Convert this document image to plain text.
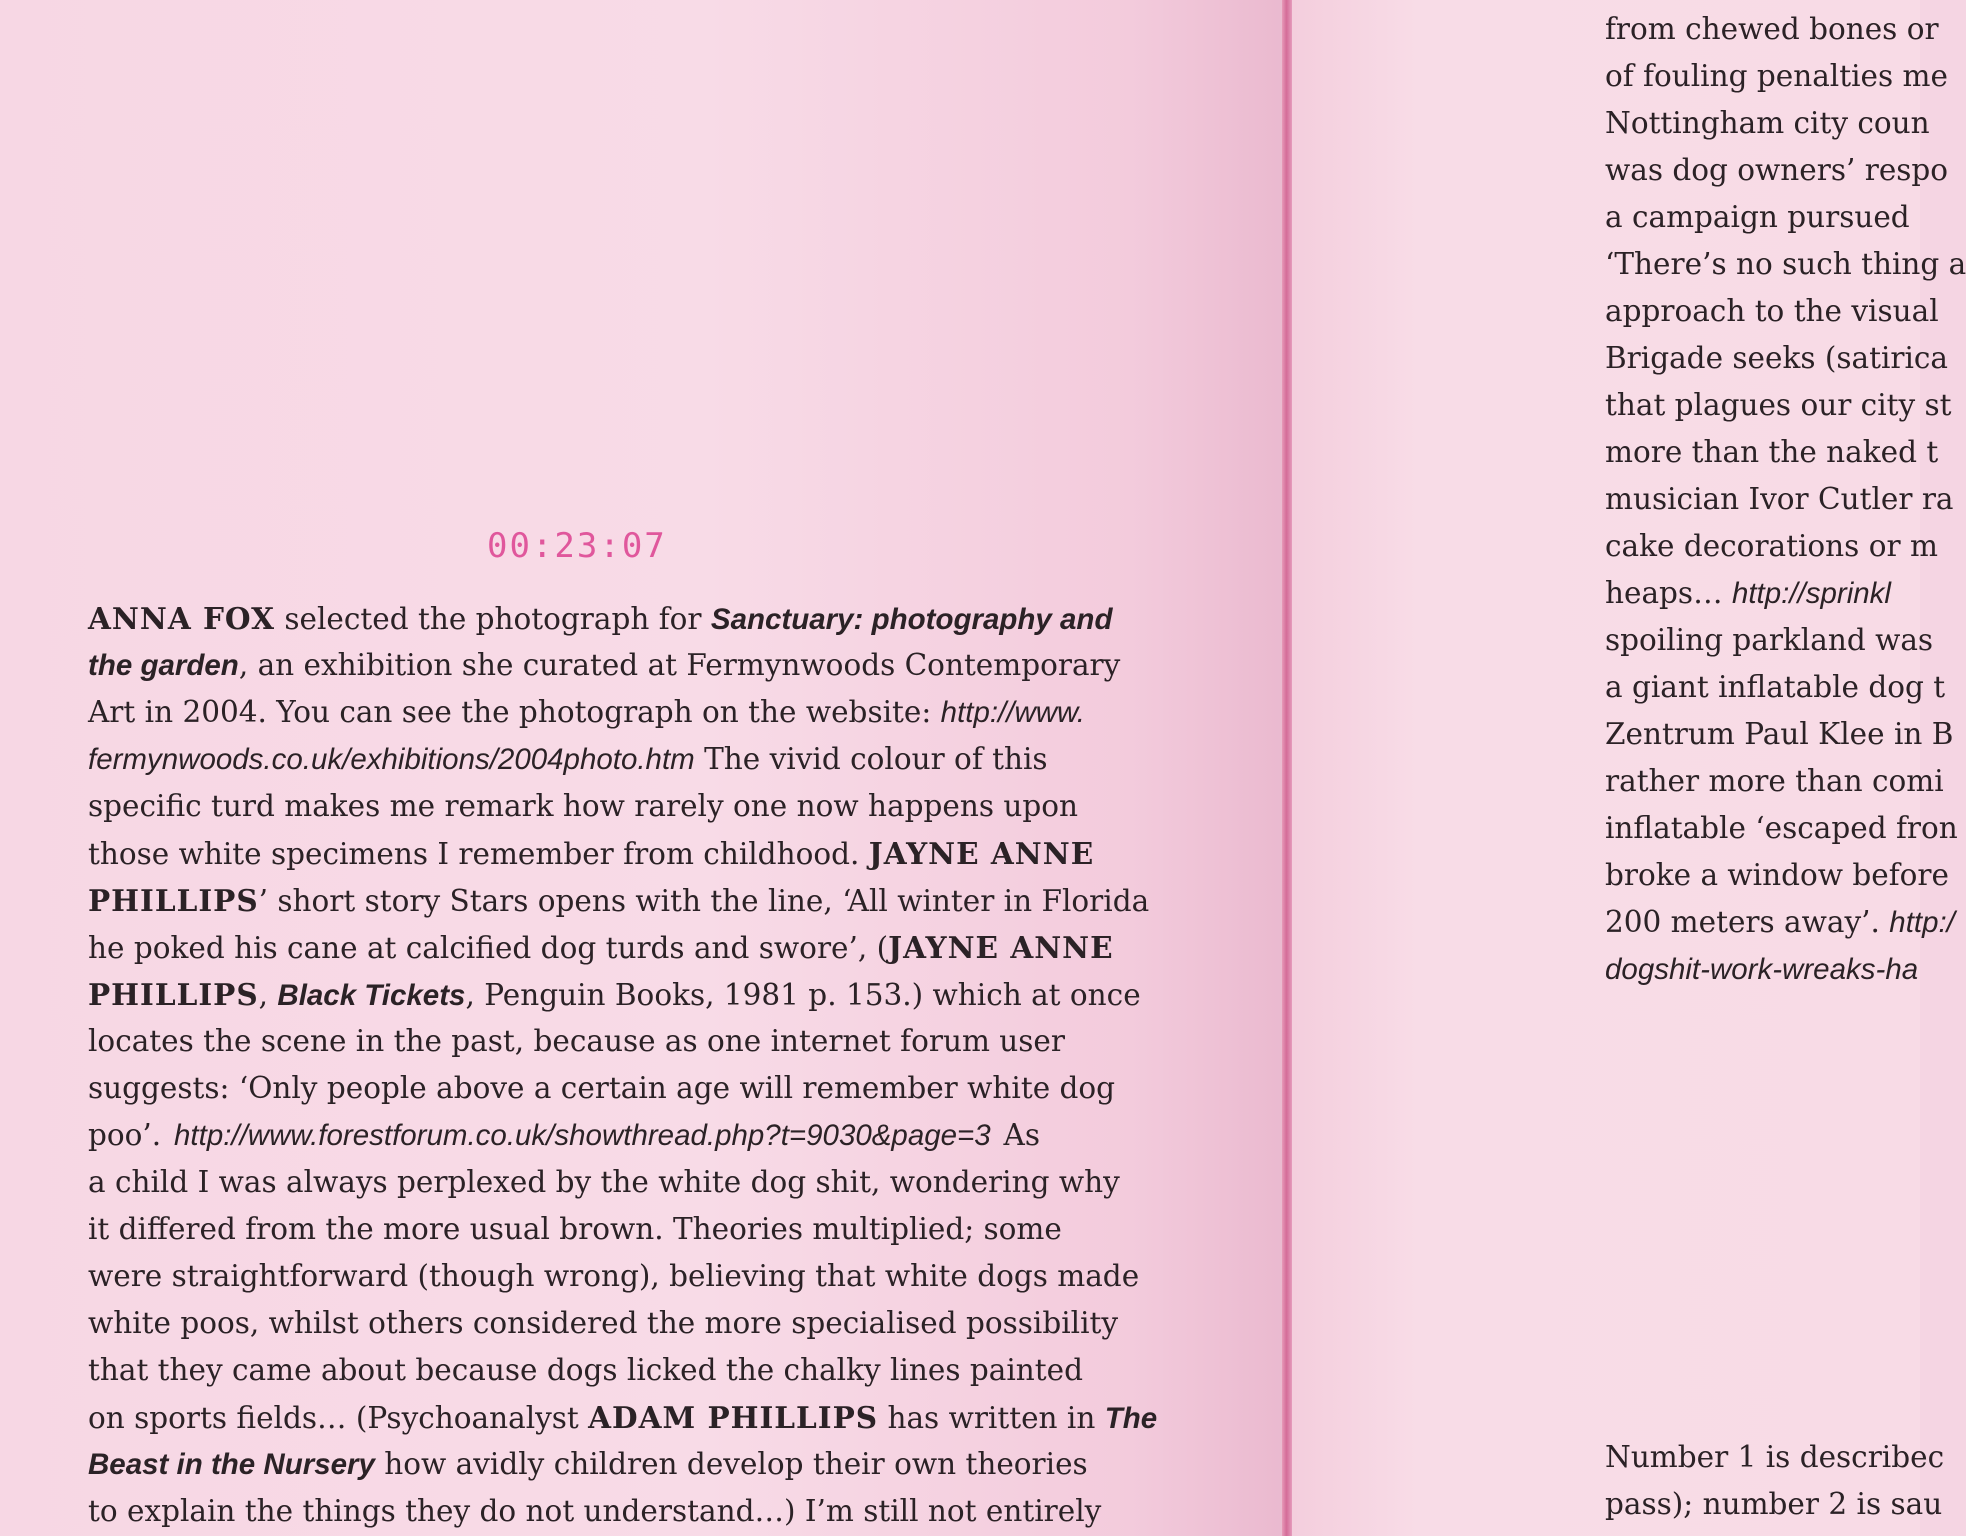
00:23:07
ANNA FOX selected the photograph for Sanctuary: photography and
the garden, an exhibition she curated at Fermynwoods Contemporary
Art in 2004. You can see the photograph on the website: http://www.
fermynwoods.co.uk/exhibitions/2004photo.htm The vivid colour of this
specific turd makes me remark how rarely one now happens upon
those white specimens I remember from childhood. JAYNE ANNE
PHILLIPS’ short story Stars opens with the line, ‘All winter in Florida
he poked his cane at calcified dog turds and swore’, (JAYNE ANNE
PHILLIPS, Black Tickets, Penguin Books, 1981 p. 153.) which at once
locates the scene in the past, because as one internet forum user
suggests: ‘Only people above a certain age will remember white dog
poo’. http://www.forestforum.co.uk/showthread.php?t=9030&page=3 As
a child I was always perplexed by the white dog shit, wondering why
it differed from the more usual brown. Theories multiplied; some
were straightforward (though wrong), believing that white dogs made
white poos, whilst others considered the more specialised possibility
that they came about because dogs licked the chalky lines painted
on sports fields… (Psychoanalyst ADAM PHILLIPS has written in The
Beast in the Nursery how avidly children develop their own theories
to explain the things they do not understand…) I’m still not entirely
from chewed bones or
of fouling penalties me
Nottingham city coun
was dog owners’ respo
a campaign pursued
‘There’s no such thing a
approach to the visual
Brigade seeks (satirica
that plagues our city st
more than the naked t
musician Ivor Cutler ra
cake decorations or m
heaps… http://sprinkl
spoiling parkland was
a giant inflatable dog t
Zentrum Paul Klee in B
rather more than comi
inflatable ‘escaped fron
broke a window before
200 meters away’. http:/
dogshit-work-wreaks-ha
Number 1 is describec
pass); number 2 is sau
